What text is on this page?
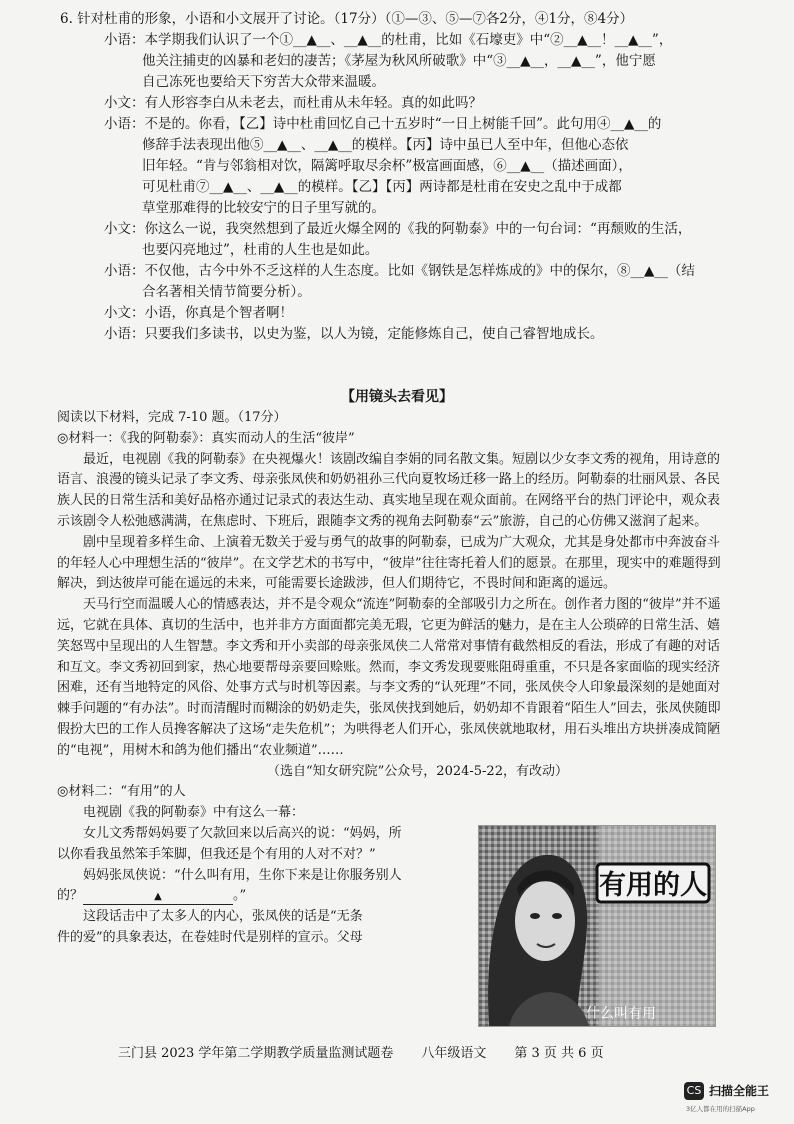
6. 针对杜甫的形象，小语和小文展开了讨论。（17分）（①—③、⑤—⑦各2分，④1分，⑧4分）
小语：本学期我们认识了一个①__▲__、__▲__的杜甫，比如《石壕吏》中“②__▲__！__▲__”，
他关注捕吏的凶暴和老妇的凄苦；《茅屋为秋风所破歌》中“③__▲__，__▲__”，他宁愿
自己冻死也要给天下穷苦大众带来温暖。
小文：有人形容李白从未老去，而杜甫从未年轻。真的如此吗？
小语：不是的。你看，【乙】诗中杜甫回忆自己十五岁时“一日上树能千回”。此句用④__▲__的
修辞手法表现出他⑤__▲__、__▲__的模样。【丙】诗中虽已人至中年，但他心态依
旧年轻。“肯与邻翁相对饮，隔篱呼取尽余杯”极富画面感，⑥__▲__（描述画面），
可见杜甫⑦__▲__、__▲__的模样。【乙】【丙】两诗都是杜甫在安史之乱中于成都
草堂那难得的比较安宁的日子里写就的。
小文：你这么一说，我突然想到了最近火爆全网的《我的阿勒泰》中的一句台词：“再颓败的生活，
也要闪亮地过”，杜甫的人生也是如此。
小语：不仅他，古今中外不乏这样的人生态度。比如《钢铁是怎样炼成的》中的保尔，⑧__▲__（结
合名著相关情节简要分析）。
小文：小语，你真是个智者啊！
小语：只要我们多读书，以史为鉴，以人为镜，定能修炼自己，使自己睿智地成长。
【用镜头去看见】

阅读以下材料，完成 7-10 题。（17分）

◎材料一：《我的阿勒泰》：真实而动人的生活“彼岸”

最近，电视剧《我的阿勒泰》在央视爆火！该剧改编自李娟的同名散文集。短剧以少女李文秀的视角，用诗意的语言、浪漫的镜头记录了李文秀、母亲张凤侠和奶奶祖孙三代向夏牧场迁移一路上的经历。阿勒泰的壮丽风景、各民族人民的日常生活和美好品格亦通过记录式的表达生动、真实地呈现在观众面前。在网络平台的热门评论中，观众表示该剧令人松弛感满满，在焦虑时、下班后，跟随李文秀的视角去阿勒泰“云”旅游，自己的心仿佛又滋润了起来。

剧中呈现着多样生命、上演着无数关于爱与勇气的故事的阿勒泰，已成为广大观众，尤其是身处都市中奔波奋斗的年轻人心中理想生活的“彼岸”。在文学艺术的书写中，“彼岸”往往寄托着人们的愿景。在那里，现实中的难题得到解决，到达彼岸可能在遥远的未来，可能需要长途跋涉，但人们期待它，不畏时间和距离的遥远。

天马行空而温暖人心的情感表达，并不是令观众“流连”阿勒泰的全部吸引力之所在。创作者力图的“彼岸”并不遥远，它就在具体、真切的生活中，也并非方方面面都完美无瑕，它更为鲜活的魅力，是在主人公琐碎的日常生活、嬉笑怒骂中呈现出的人生智慧。李文秀和开小卖部的母亲张凤侠二人常常对事情有截然相反的看法，形成了有趣的对话和互文。李文秀初回到家，热心地要帮母亲要回赊账。然而，李文秀发现要账阻碍重重，不只是各家面临的现实经济困难，还有当地特定的风俗、处事方式与时机等因素。与李文秀的“认死理”不同，张凤侠令人印象最深刻的是她面对棘手问题的“有办法”。时而清醒时而糊涂的奶奶走失，张凤侠找到她后，奶奶却不肯跟着“陌生人”回去，张凤侠随即假扮大巴的工作人员搀客解决了这场“走失危机”；为哄得老人们开心，张凤侠就地取材，用石头堆出方块拼凑成简陋的“电视”，用树木和鸽为他们播出“农业频道”……

（选自“知女研究院”公众号，2024-5-22，有改动）

◎材料二：“有用”的人

电视剧《我的阿勒泰》中有这么一幕：

女儿文秀帮妈妈要了欠款回来以后高兴的说：“妈妈，所

以你看我虽然笨手笨脚，但我还是个有用的人对不对？”

妈妈张凤侠说：“什么叫有用，生你下来是让你服务别人

的？	▲	。”

这段话击中了太多人的内心，张凤侠的话是“无条

件的爱”的具象表达，在卷娃时代是别样的宣示。父母

有用的人
什么叫有用
三门县 2023 学年第二学期教学质量监测试题卷 八年级语文 第 3 页 共 6 页
CS 扫描全能王
3亿人都在用的扫描App
